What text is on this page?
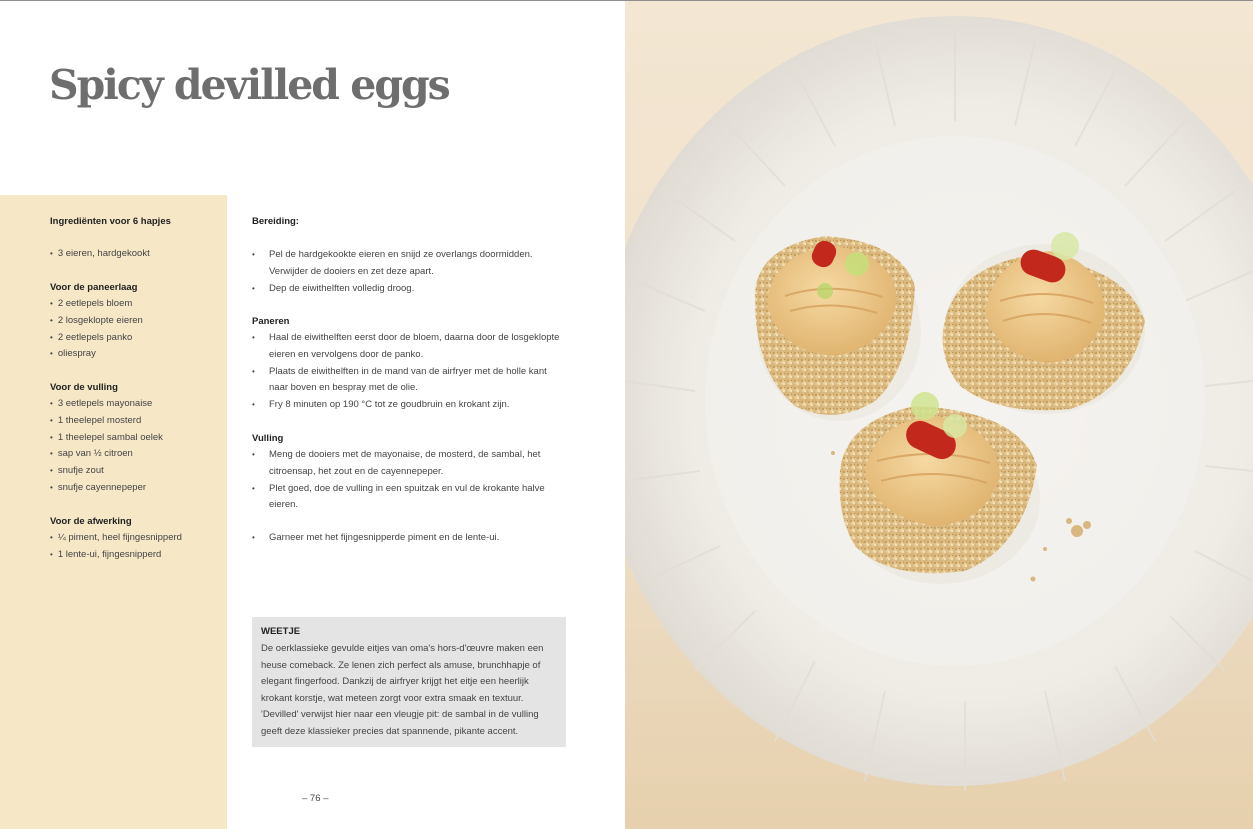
Spicy devilled eggs
Ingrediënten voor 6 hapjes
• 3 eieren, hardgekookt
Voor de paneerlaag
• 2 eetlepels bloem
• 2 losgeklopte eieren
• 2 eetlepels panko
• oliespray
Voor de vulling
• 3 eetlepels mayonaise
• 1 theelepel mosterd
• 1 theelepel sambal oelek
• sap van ½ citroen
• snufje zout
• snufje cayennepeper
Voor de afwerking
• ¼ piment, heel fijngesnipperd
• 1 lente-ui, fijngesnipperd
Bereiding:
• Pel de hardgekookte eieren en snijd ze overlangs doormidden. Verwijder de dooiers en zet deze apart.
• Dep de eiwithelften volledig droog.
Paneren
• Haal de eiwithelften eerst door de bloem, daarna door de losgeklopte eieren en vervolgens door de panko.
• Plaats de eiwithelften in de mand van de airfryer met de holle kant naar boven en bespray met de olie.
• Fry 8 minuten op 190 °C tot ze goudbruin en krokant zijn.
Vulling
• Meng de dooiers met de mayonaise, de mosterd, de sambal, het citroensap, het zout en de cayennepeper.
• Plet goed, doe de vulling in een spuitzak en vul de krokante halve eieren.
• Garneer met het fijngesnipperde piment en de lente-ui.
WEETJE

De oerklassieke gevulde eitjes van oma's hors-d'œuvre maken een heuse comeback. Ze lenen zich perfect als amuse, brunchhapje of elegant fingerfood. Dankzij de airfryer krijgt het eitje een heerlijk krokant korstje, wat meteen zorgt voor extra smaak en textuur. 'Devilled' verwijst hier naar een vleugje pit: de sambal in de vulling geeft deze klassieker precies dat spannende, pikante accent.

– 76 –
